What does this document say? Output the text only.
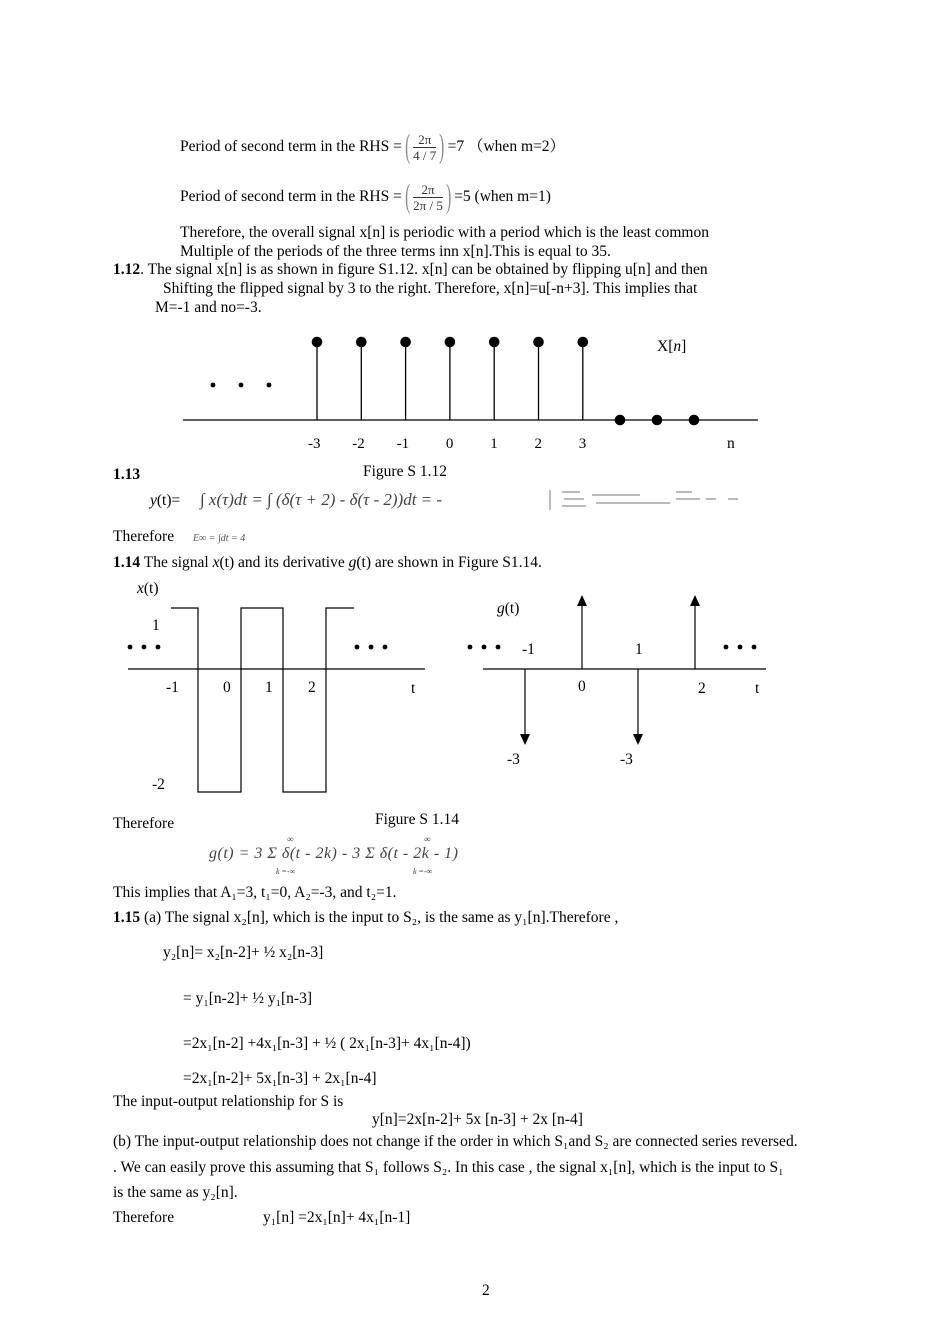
Period of second term in the RHS = ( $\frac{2\pi}{4 / 7}$ ) =7 （when m=2）
Period of second term in the RHS = ( $\frac{2\pi}{2\pi / 5}$ ) =5 (when m=1)
Therefore, the overall signal x[n] is periodic with a period which is the least common
Multiple of the periods of the three terms inn x[n].This is equal to 35.
1.12. The signal x[n] is as shown in figure S1.12. x[n] can be obtained by flipping u[n] and then
Shifting the flipped signal by 3 to the right. Therefore, x[n]=u[-n+3]. This implies that
M=-1 and no=-3.
-3 -2 -1 0 1 2 3
X[n]
n
1.13	Figure S 1.12
y(t)= ∫ x(τ)dt = ∫ (δ(τ + 2) - δ(τ - 2))dt = -
Therefore E∞ = ∫dt = 4
1.14 The signal x(t) and its derivative g(t) are shown in Figure S1.14.
x(t)
1
-2
-1	0 1 2	t
g(t)
-1	1
0	2	t
-3	-3
Therefore	Figure S 1.14
g(t) = 3 Σ δ(t - 2k) - 3 Σ δ(t - 2k - 1)
∞
k =-∞
∞
k =-∞
This implies that A₁=3, t₁=0, A₂=-3, and t₂=1.
1.15 (a) The signal x₂[n], which is the input to S₂, is the same as y₁[n].Therefore ,
y₂[n]= x₂[n-2]+ ½ x₂[n-3]
= y₁[n-2]+ ½ y₁[n-3]
=2x₁[n-2] +4x₁[n-3] + ½ ( 2x₁[n-3]+ 4x₁[n-4])
=2x₁[n-2]+ 5x₁[n-3] + 2x₁[n-4]
The input-output relationship for S is
y[n]=2x[n-2]+ 5x [n-3] + 2x [n-4]
(b) The input-output relationship does not change if the order in which S₁and S₂ are connected series reversed.
. We can easily prove this assuming that S₁ follows S₂. In this case , the signal x₁[n], which is the input to S₁
is the same as y₂[n].
Therefore	y₁[n] =2x₁[n]+ 4x₁[n-1]
2
